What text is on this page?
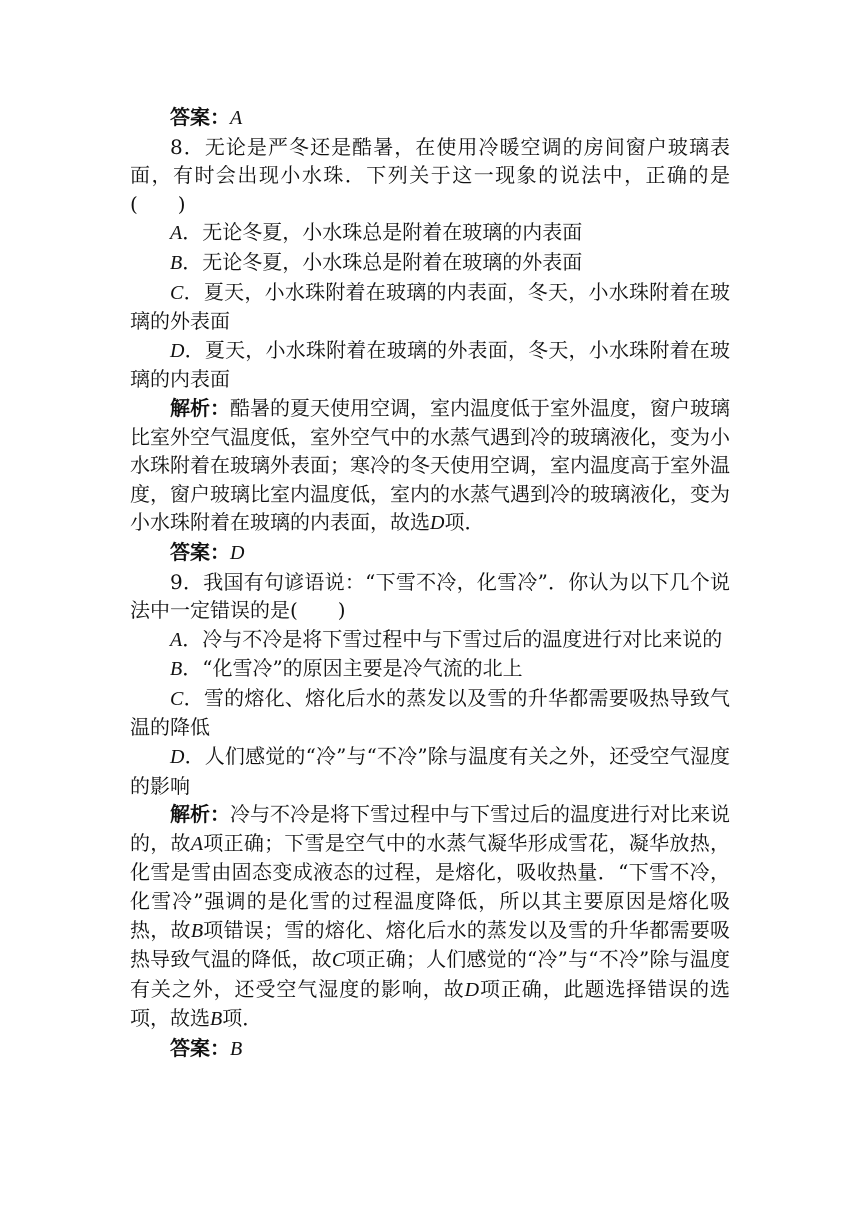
答案：A

8．无论是严冬还是酷暑，在使用冷暖空调的房间窗户玻璃表面，有时会出现小水珠．下列关于这一现象的说法中，正确的是(　　)

A．无论冬夏，小水珠总是附着在玻璃的内表面

B．无论冬夏，小水珠总是附着在玻璃的外表面

C．夏天，小水珠附着在玻璃的内表面，冬天，小水珠附着在玻璃的外表面

D．夏天，小水珠附着在玻璃的外表面，冬天，小水珠附着在玻璃的内表面

解析：酷暑的夏天使用空调，室内温度低于室外温度，窗户玻璃比室外空气温度低，室外空气中的水蒸气遇到冷的玻璃液化，变为小水珠附着在玻璃外表面；寒冷的冬天使用空调，室内温度高于室外温度，窗户玻璃比室内温度低，室内的水蒸气遇到冷的玻璃液化，变为小水珠附着在玻璃的内表面，故选D项．

答案：D

9．我国有句谚语说：“下雪不冷，化雪冷”．你认为以下几个说法中一定错误的是(　　)

A．冷与不冷是将下雪过程中与下雪过后的温度进行对比来说的

B．“化雪冷”的原因主要是冷气流的北上

C．雪的熔化、熔化后水的蒸发以及雪的升华都需要吸热导致气温的降低

D．人们感觉的“冷”与“不冷”除与温度有关之外，还受空气湿度的影响

解析：冷与不冷是将下雪过程中与下雪过后的温度进行对比来说的，故A项正确；下雪是空气中的水蒸气凝华形成雪花，凝华放热，化雪是雪由固态变成液态的过程，是熔化，吸收热量．“下雪不冷，化雪冷”强调的是化雪的过程温度降低，所以其主要原因是熔化吸热，故B项错误；雪的熔化、熔化后水的蒸发以及雪的升华都需要吸热导致气温的降低，故C项正确；人们感觉的“冷”与“不冷”除与温度有关之外，还受空气湿度的影响，故D项正确，此题选择错误的选项，故选B项．

答案：B
